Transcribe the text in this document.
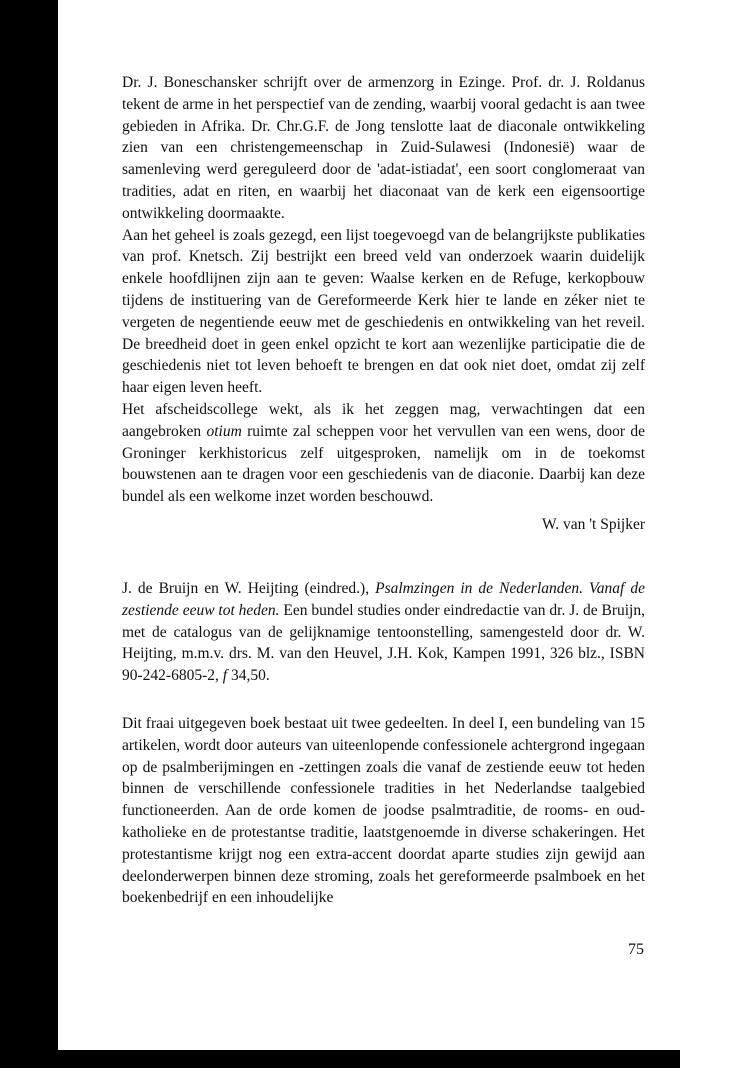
Dr. J. Boneschansker schrijft over de armenzorg in Ezinge. Prof. dr. J. Roldanus tekent de arme in het perspectief van de zending, waarbij vooral gedacht is aan twee gebieden in Afrika. Dr. Chr.G.F. de Jong tenslotte laat de diaconale ontwikkeling zien van een christengemeenschap in Zuid-Sulawesi (Indonesië) waar de samenleving werd gereguleerd door de 'adat-istiadat', een soort conglomeraat van tradities, adat en riten, en waarbij het diaconaat van de kerk een eigensoortige ontwikkeling doormaakte.

Aan het geheel is zoals gezegd, een lijst toegevoegd van de belangrijkste publikaties van prof. Knetsch. Zij bestrijkt een breed veld van onderzoek waarin duidelijk enkele hoofdlijnen zijn aan te geven: Waalse kerken en de Refuge, kerkopbouw tijdens de instituering van de Gereformeerde Kerk hier te lande en zéker niet te vergeten de negentiende eeuw met de geschiedenis en ontwikkeling van het reveil. De breedheid doet in geen enkel opzicht te kort aan wezenlijke participatie die de geschiedenis niet tot leven behoeft te brengen en dat ook niet doet, omdat zij zelf haar eigen leven heeft.

Het afscheidscollege wekt, als ik het zeggen mag, verwachtingen dat een aangebroken otium ruimte zal scheppen voor het vervullen van een wens, door de Groninger kerkhistoricus zelf uitgesproken, namelijk om in de toekomst bouwstenen aan te dragen voor een geschiedenis van de diaconie. Daarbij kan deze bundel als een welkome inzet worden beschouwd.

W. van 't Spijker

J. de Bruijn en W. Heijting (eindred.), Psalmzingen in de Nederlanden. Vanaf de zestiende eeuw tot heden. Een bundel studies onder eindredactie van dr. J. de Bruijn, met de catalogus van de gelijknamige tentoonstelling, samengesteld door dr. W. Heijting, m.m.v. drs. M. van den Heuvel, J.H. Kok, Kampen 1991, 326 blz., ISBN 90-242-6805-2, f 34,50.

Dit fraai uitgegeven boek bestaat uit twee gedeelten. In deel I, een bundeling van 15 artikelen, wordt door auteurs van uiteenlopende confessionele achtergrond ingegaan op de psalmberijmingen en -zettingen zoals die vanaf de zestiende eeuw tot heden binnen de verschillende confessionele tradities in het Nederlandse taalgebied functioneerden. Aan de orde komen de joodse psalmtraditie, de rooms- en oud- katholieke en de protestantse traditie, laatstgenoemde in diverse schakeringen. Het protestantisme krijgt nog een extra-accent doordat aparte studies zijn gewijd aan deelonderwerpen binnen deze stroming, zoals het gereformeerde psalmboek en het boekenbedrijf en een inhoudelijke

75
